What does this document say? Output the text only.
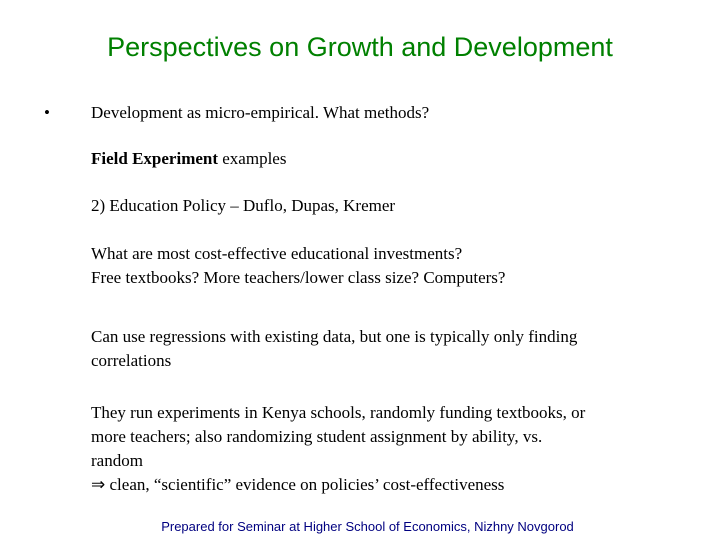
Perspectives on Growth and Development
• Development as micro-empirical. What methods?
Field Experiment examples
2) Education Policy – Duflo, Dupas, Kremer
What are most cost-effective educational investments?
Free textbooks? More teachers/lower class size? Computers?
Can use regressions with existing data, but one is typically only finding
correlations
They run experiments in Kenya schools, randomly funding textbooks, or
more teachers; also randomizing student assignment by ability, vs.
random
⇒ clean, “scientific” evidence on policies’ cost-effectiveness
Prepared for Seminar at Higher School of Economics, Nizhny Novgorod
